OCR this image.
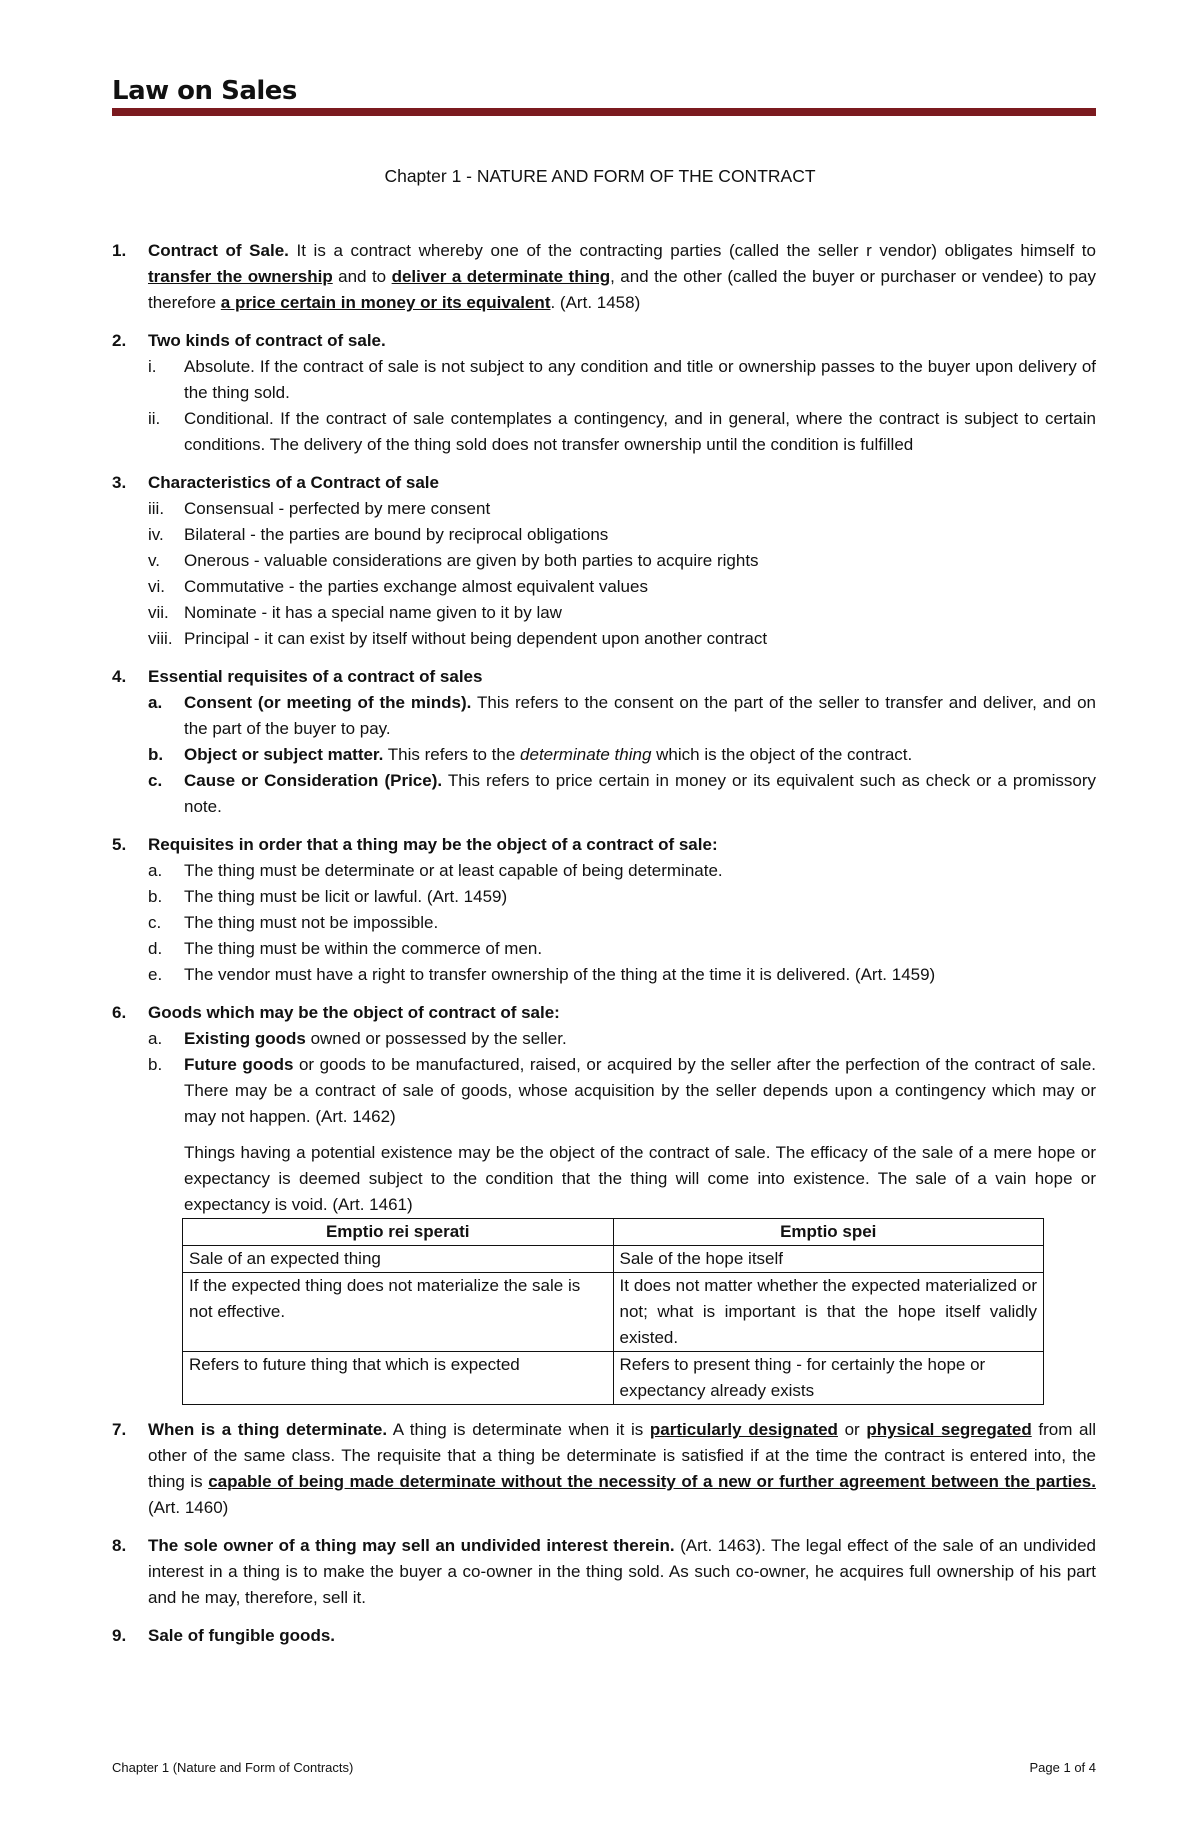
Law on Sales
Chapter 1 - NATURE AND FORM OF THE CONTRACT
1. Contract of Sale. It is a contract whereby one of the contracting parties (called the seller r vendor) obligates himself to transfer the ownership and to deliver a determinate thing, and the other (called the buyer or purchaser or vendee) to pay therefore a price certain in money or its equivalent. (Art. 1458)
2. Two kinds of contract of sale.
i. Absolute. If the contract of sale is not subject to any condition and title or ownership passes to the buyer upon delivery of the thing sold.
ii. Conditional. If the contract of sale contemplates a contingency, and in general, where the contract is subject to certain conditions. The delivery of the thing sold does not transfer ownership until the condition is fulfilled
3. Characteristics of a Contract of sale
iii. Consensual - perfected by mere consent
iv. Bilateral - the parties are bound by reciprocal obligations
v. Onerous - valuable considerations are given by both parties to acquire rights
vi. Commutative - the parties exchange almost equivalent values
vii. Nominate - it has a special name given to it by law
viii. Principal - it can exist by itself without being dependent upon another contract
4. Essential requisites of a contract of sales
a. Consent (or meeting of the minds). This refers to the consent on the part of the seller to transfer and deliver, and on the part of the buyer to pay.
b. Object or subject matter. This refers to the determinate thing which is the object of the contract.
c. Cause or Consideration (Price). This refers to price certain in money or its equivalent such as check or a promissory note.
5. Requisites in order that a thing may be the object of a contract of sale:
a. The thing must be determinate or at least capable of being determinate.
b. The thing must be licit or lawful. (Art. 1459)
c. The thing must not be impossible.
d. The thing must be within the commerce of men.
e. The vendor must have a right to transfer ownership of the thing at the time it is delivered. (Art. 1459)
6. Goods which may be the object of contract of sale:
a. Existing goods owned or possessed by the seller.
b. Future goods or goods to be manufactured, raised, or acquired by the seller after the perfection of the contract of sale. There may be a contract of sale of goods, whose acquisition by the seller depends upon a contingency which may or may not happen. (Art. 1462)
Things having a potential existence may be the object of the contract of sale. The efficacy of the sale of a mere hope or expectancy is deemed subject to the condition that the thing will come into existence. The sale of a vain hope or expectancy is void. (Art. 1461)
Emptio rei sperati	Emptio spei
Sale of an expected thing	Sale of the hope itself
If the expected thing does not materialize the sale is not effective.	It does not matter whether the expected materialized or not; what is important is that the hope itself validly existed.
Refers to future thing that which is expected	Refers to present thing - for certainly the hope or expectancy already exists
7. When is a thing determinate. A thing is determinate when it is particularly designated or physical segregated from all other of the same class. The requisite that a thing be determinate is satisfied if at the time the contract is entered into, the thing is capable of being made determinate without the necessity of a new or further agreement between the parties. (Art. 1460)
8. The sole owner of a thing may sell an undivided interest therein. (Art. 1463). The legal effect of the sale of an undivided interest in a thing is to make the buyer a co-owner in the thing sold. As such co-owner, he acquires full ownership of his part and he may, therefore, sell it.
9. Sale of fungible goods.
Chapter 1 (Nature and Form of Contracts)	Page 1 of 4
